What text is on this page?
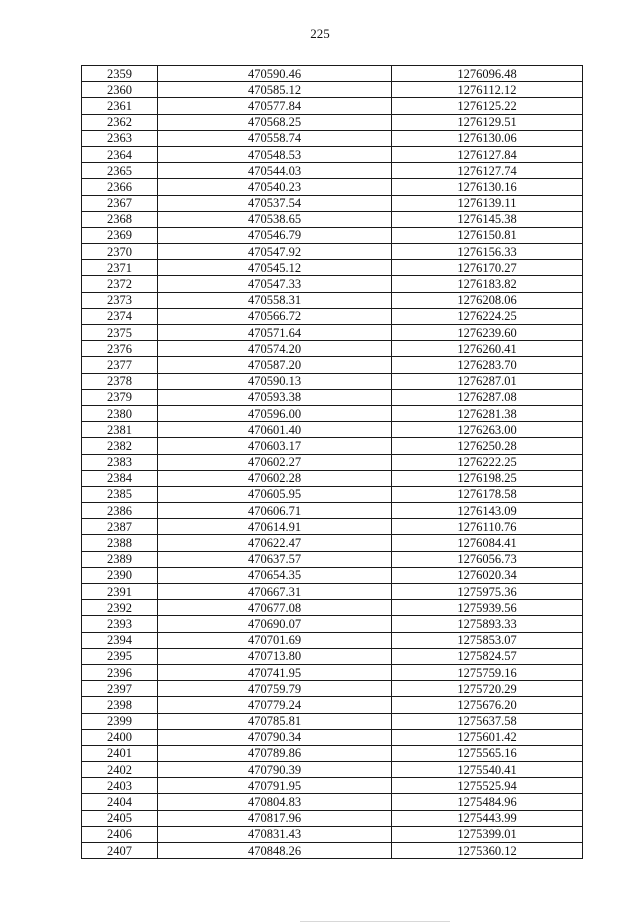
225
2359	470590.46	1276096.48
2360	470585.12	1276112.12
2361	470577.84	1276125.22
2362	470568.25	1276129.51
2363	470558.74	1276130.06
2364	470548.53	1276127.84
2365	470544.03	1276127.74
2366	470540.23	1276130.16
2367	470537.54	1276139.11
2368	470538.65	1276145.38
2369	470546.79	1276150.81
2370	470547.92	1276156.33
2371	470545.12	1276170.27
2372	470547.33	1276183.82
2373	470558.31	1276208.06
2374	470566.72	1276224.25
2375	470571.64	1276239.60
2376	470574.20	1276260.41
2377	470587.20	1276283.70
2378	470590.13	1276287.01
2379	470593.38	1276287.08
2380	470596.00	1276281.38
2381	470601.40	1276263.00
2382	470603.17	1276250.28
2383	470602.27	1276222.25
2384	470602.28	1276198.25
2385	470605.95	1276178.58
2386	470606.71	1276143.09
2387	470614.91	1276110.76
2388	470622.47	1276084.41
2389	470637.57	1276056.73
2390	470654.35	1276020.34
2391	470667.31	1275975.36
2392	470677.08	1275939.56
2393	470690.07	1275893.33
2394	470701.69	1275853.07
2395	470713.80	1275824.57
2396	470741.95	1275759.16
2397	470759.79	1275720.29
2398	470779.24	1275676.20
2399	470785.81	1275637.58
2400	470790.34	1275601.42
2401	470789.86	1275565.16
2402	470790.39	1275540.41
2403	470791.95	1275525.94
2404	470804.83	1275484.96
2405	470817.96	1275443.99
2406	470831.43	1275399.01
2407	470848.26	1275360.12
